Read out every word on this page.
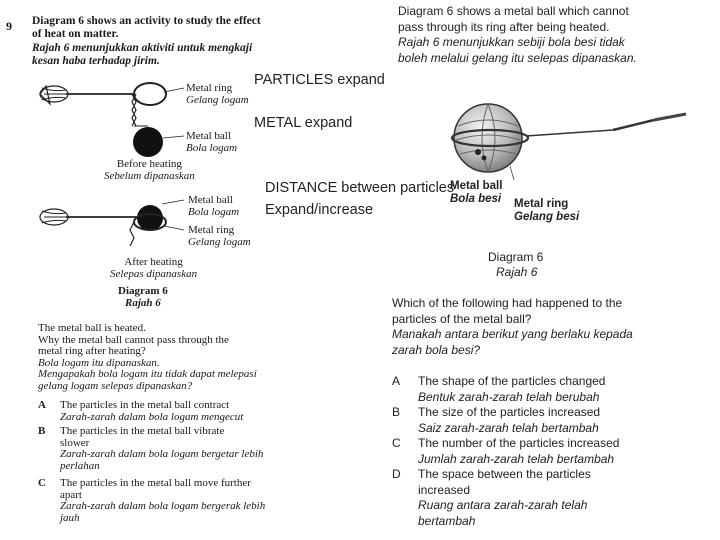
9 Diagram 6 shows an activity to study the effect
of heat on matter.
Rajah 6 menunjukkan aktiviti untuk mengkaji
kesan haba terhadap jirim.
Metal ring
Gelang logam
Metal ball
Bola logam
Before heating
Sebelum dipanaskan
Metal ball
Bola logam
Metal ring
Gelang logam
After heating
Selepas dipanaskan
Diagram 6
Rajah 6
The metal ball is heated.
Why the metal ball cannot pass through the
metal ring after heating?
Bola logam itu dipanaskan.
Mengapakah bola logam itu tidak dapat melepasi
gelang logam selepas dipanaskan?
A	The particles in the metal ball contract
Zarah-zarah dalam bola logam mengecut
B	The particles in the metal ball vibrate
slower
Zarah-zarah dalam bola logam bergetar lebih
perlahan
C	The particles in the metal ball move further
apart
Zarah-zarah dalam bola logam bergerak lebih
jauh
Diagram 6 shows a metal ball which cannot
pass through its ring after being heated.
Rajah 6 menunjukkan sebiji bola besi tidak
boleh melalui gelang itu selepas dipanaskan.
Metal ball
Bola besi Metal ring
Gelang besi
Diagram 6
Rajah 6
Which of the following had happened to the
particles of the metal ball?
Manakah antara berikut yang berlaku kepada
zarah bola besi?
A	The shape of the particles changed
Bentuk zarah-zarah telah berubah
B	The size of the particles increased
Saiz zarah-zarah telah bertambah
C	The number of the particles increased
Jumlah zarah-zarah telah bertambah
D	The space between the particles
increased
Ruang antara zarah-zarah telah
bertambah
PARTICLES expand
METAL expand
DISTANCE between particles
Expand/increase
